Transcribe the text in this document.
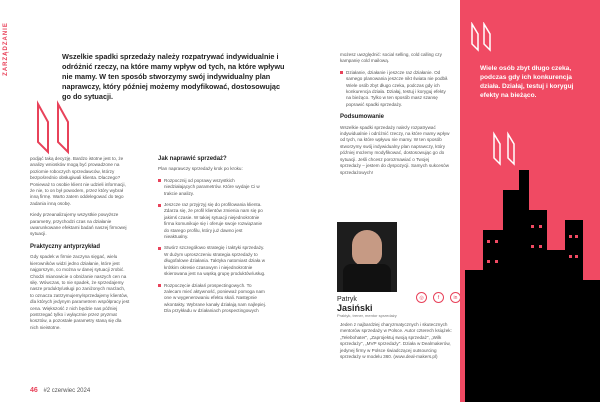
ZARZĄDZANIE	Wszelkie spadki sprzedaży należy rozpatrywać indywidualnie i odróżnić rzeczy, na które mamy wpływ od tych, na które wpływu nie mamy. W ten sposób stworzymy swój indywidualny plan naprawczy, który później możemy modyfikować, dostosowując go do sytuacji.

podjąć taką decyzję. Bardzo istotne jest to, że analizy wniosków mogą być prowadzone na poziomie roboczych sprzedawców, którzy bezpośrednio obsługiwali klienta. Dlaczego? Ponieważ to osobie klient nie udzieli informacji, że nie, to on był powodem, przez który wybrał inną firmę. Warto zatem oddelegować do tego zadania inną osobę.

Kiedy przeanalizujemy wszystkie powyższe parametry, przychodzi czas na działanie uwarunkowane efektami badań naszej firmowej sytuacji.

Praktyczny antyprzykład

Gdy spadek w firmie zaczyna sięgać, wielu kierowników widzi jedno działanie, które jest najgorszym, co można w danej sytuacji zrobić. Chodzi mianowicie o obniżanie naszych cen na siłę. Wówczas, to nie spadek, że sprzedajemy nasze produkty/usługi po zaniżonych marżach, to oznacza zatrzymujemy/sprzedajemy klientów, dla których jedynym parametrem współpracy jest cena. Większość z nich będzie nas później postrzegać tylko i wyłącznie przez pryzmat kosztów, a pozostałe parametry staną się dla nich nieistotne.

Jak naprawić sprzedaż?

Plan naprawczy sprzedaży krok po kroku:

Rozpocznij od poprawy wszystkich niedziałających parametrów. Które wydaje Ci w trakcie analizy.
Jeszcze raz przyjrzyj się do profilowania klienta. Zdarza się, że profil klientów zmienia nam się po jakimś czasie. W takiej sytuacji niejednokrotnie firma komunikuje się i oferuje swoje rozwiązanie do starego profilu, który już dawno jest nieaktualny.
Stwórz szczegółowo strategię i taktyki sprzedaży. W dużym uproszczeniu strategia sprzedaży to długofalowe działania. Taktyka natomiast działa w krótkim okresie czasowym i niejednokrotnie skierowana jest na wąską grupę produktów/usług.
Rozpoczęcie działań prospectingowych. To zalecam mieć aktywność, ponieważ pomoga nam one w wygenerowaniu efektu skali. Następnie wkontakty. Wybrane kanały działają nam najlepiej. Dla przykładu w działaniach prospectingowych
46 #2 czerwiec 2024

możesz uwzględnić: social selling, cold calling czy kampanię cold mailową.

Działanie, działanie i jeszcze raz działanie. Od samego planowania jeszcze nikt świata nie podbił. Wiele osób zbyt długo czeka, podczas gdy ich konkurencja działa. Działaj, testuj i koryguj efekty na bieżąco. Tylko w ten sposób masz szansę poprawić spadki sprzedaży.
Podsumowanie

Wszelkie spadki sprzedaży należy rozpatrywać indywidualnie i odróżnić rzeczy, na które mamy wpływ od tych, na które wpływu nie mamy. W ten sposób stworzymy swój indywidualny plan naprawczy, który później możemy modyfikować, dostosowując go do sytuacji. Jeśli chcesz porozmawiać o Twojej sprzedaży – jestem do dyspozycji. Samych sukcesów sprzedażowych!

Patryk
Jasiński
Praktyk, trener, mentor sprzedaży
◎	f	in

Jeden z najbardziej charyzmatycznych i skutecznych mentorów sprzedaży w Polsce. Autor czterech książek: „Telebohater", „Zaprojektuj swoją sprzedaż", „Wilk sprzedaży", „MVP sprzedaży". Działa w Dealmakerów, jedynej firmy w Polsce świadczącej outsourcing sprzedaży w modelu 360. (www.deal-makers.pl)

Wiele osób zbyt długo czeka, podczas gdy ich konkurencja działa. Działaj, testuj i koryguj efekty na bieżąco.
